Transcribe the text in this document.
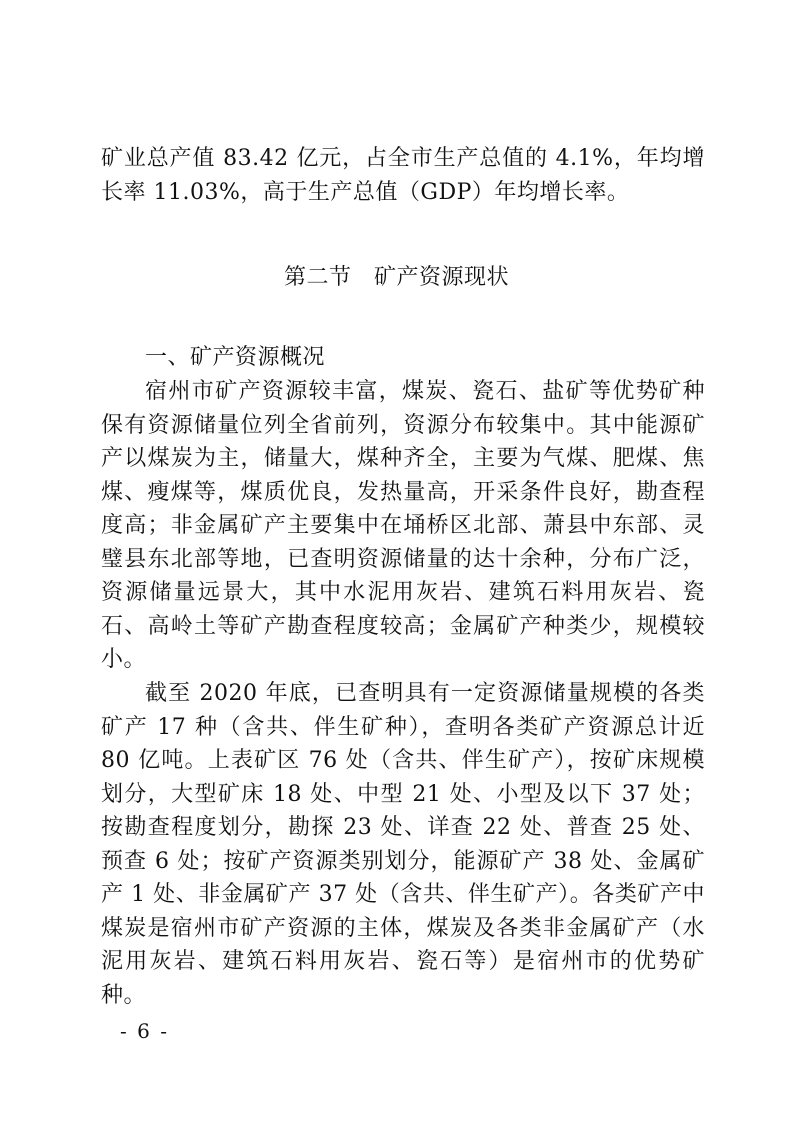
矿业总产值 83.42 亿元，占全市生产总值的 4.1%，年均增长率 11.03%，高于生产总值（GDP）年均增长率。

第二节　矿产资源现状
一、矿产资源概况

宿州市矿产资源较丰富，煤炭、瓷石、盐矿等优势矿种保有资源储量位列全省前列，资源分布较集中。其中能源矿产以煤炭为主，储量大，煤种齐全，主要为气煤、肥煤、焦煤、瘦煤等，煤质优良，发热量高，开采条件良好，勘查程度高；非金属矿产主要集中在埇桥区北部、萧县中东部、灵璧县东北部等地，已查明资源储量的达十余种，分布广泛，资源储量远景大，其中水泥用灰岩、建筑石料用灰岩、瓷石、高岭土等矿产勘查程度较高；金属矿产种类少，规模较小。

截至 2020 年底，已查明具有一定资源储量规模的各类矿产 17 种（含共、伴生矿种），查明各类矿产资源总计近 80 亿吨。上表矿区 76 处（含共、伴生矿产），按矿床规模划分，大型矿床 18 处、中型 21 处、小型及以下 37 处；按勘查程度划分，勘探 23 处、详查 22 处、普查 25 处、预查 6 处；按矿产资源类别划分，能源矿产 38 处、金属矿产 1 处、非金属矿产 37 处（含共、伴生矿产）。各类矿产中煤炭是宿州市矿产资源的主体，煤炭及各类非金属矿产（水泥用灰岩、建筑石料用灰岩、瓷石等）是宿州市的优势矿种。

- 6 -
